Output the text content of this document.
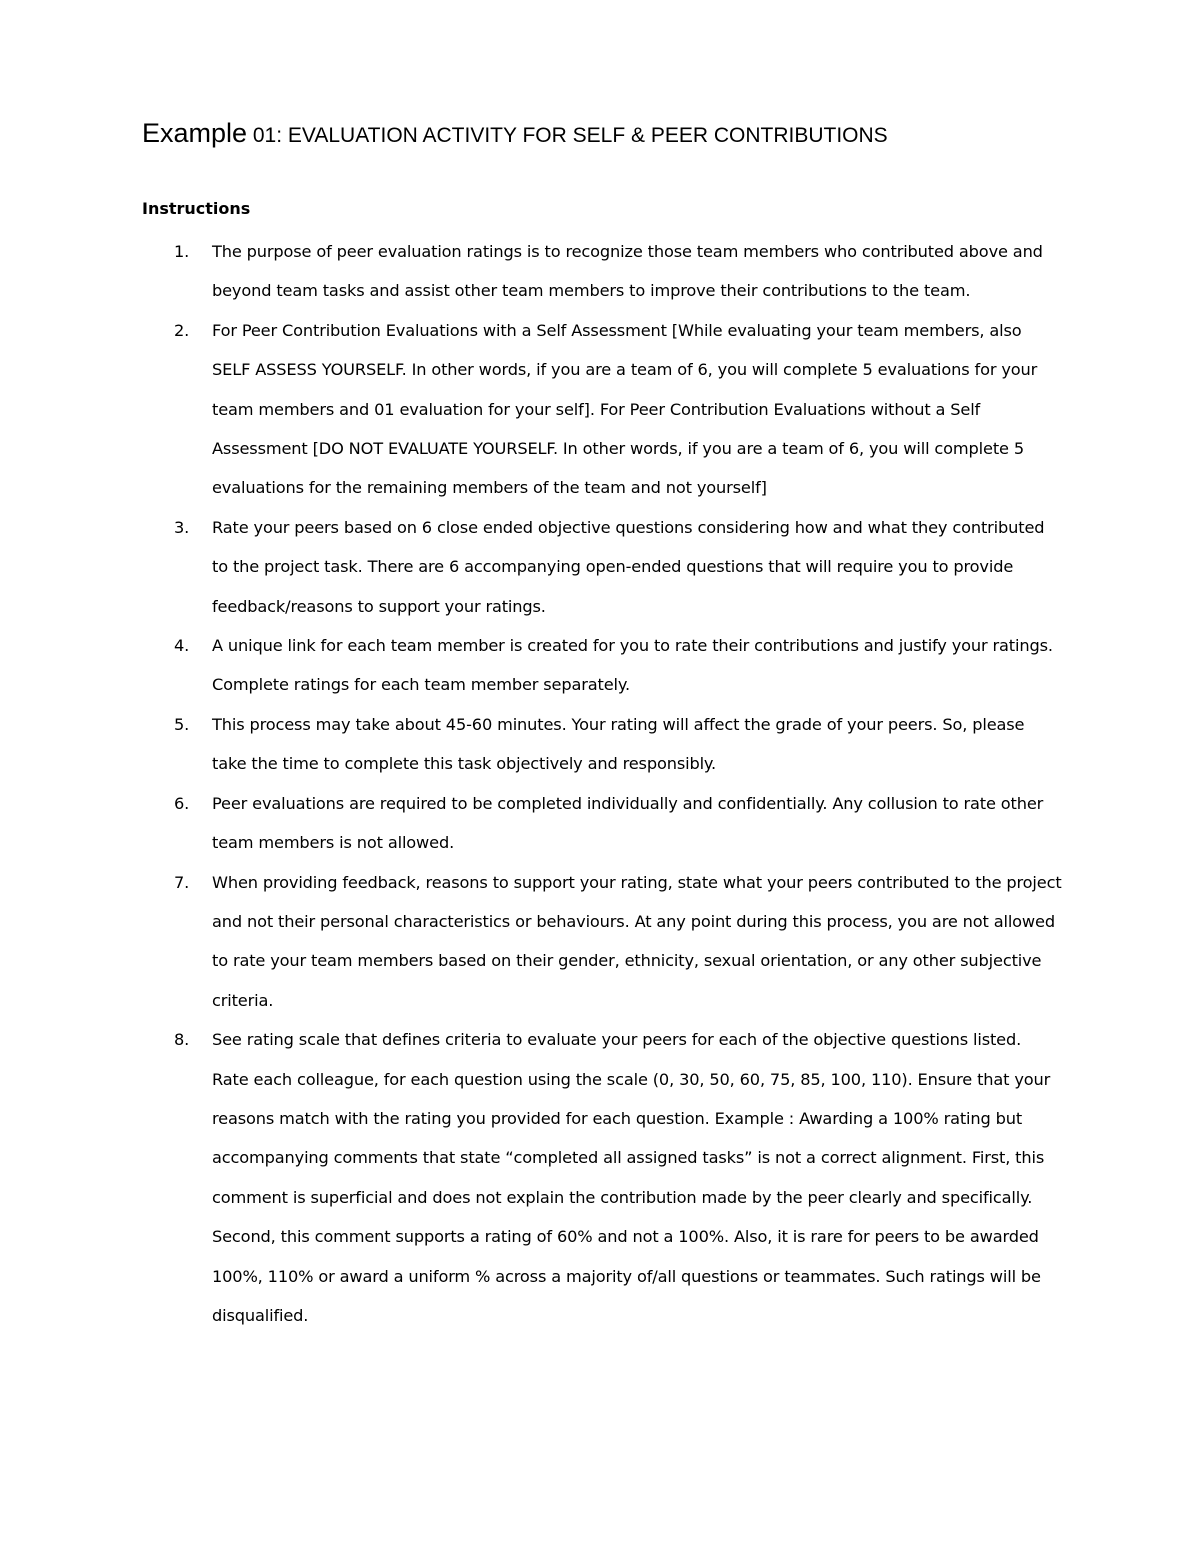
Example 01: EVALUATION ACTIVITY FOR SELF & PEER CONTRIBUTIONS
Instructions
1. The purpose of peer evaluation ratings is to recognize those team members who contributed above and beyond team tasks and assist other team members to improve their contributions to the team.
2. For Peer Contribution Evaluations with a Self Assessment [While evaluating your team members, also SELF ASSESS YOURSELF. In other words, if you are a team of 6, you will complete 5 evaluations for your team members and 01 evaluation for your self]. For Peer Contribution Evaluations without a Self Assessment [DO NOT EVALUATE YOURSELF. In other words, if you are a team of 6, you will complete 5 evaluations for the remaining members of the team and not yourself]
3. Rate your peers based on 6 close ended objective questions considering how and what they contributed to the project task. There are 6 accompanying open-ended questions that will require you to provide feedback/reasons to support your ratings.
4. A unique link for each team member is created for you to rate their contributions and justify your ratings. Complete ratings for each team member separately.
5. This process may take about 45-60 minutes. Your rating will affect the grade of your peers. So, please take the time to complete this task objectively and responsibly.
6. Peer evaluations are required to be completed individually and confidentially. Any collusion to rate other team members is not allowed.
7. When providing feedback, reasons to support your rating, state what your peers contributed to the project and not their personal characteristics or behaviours. At any point during this process, you are not allowed to rate your team members based on their gender, ethnicity, sexual orientation, or any other subjective criteria.
8. See rating scale that defines criteria to evaluate your peers for each of the objective questions listed. Rate each colleague, for each question using the scale (0, 30, 50, 60, 75, 85, 100, 110). Ensure that your reasons match with the rating you provided for each question. Example : Awarding a 100% rating but accompanying comments that state “completed all assigned tasks” is not a correct alignment. First, this comment is superficial and does not explain the contribution made by the peer clearly and specifically. Second, this comment supports a rating of 60% and not a 100%. Also, it is rare for peers to be awarded 100%, 110% or award a uniform % across a majority of/all questions or teammates. Such ratings will be disqualified.
